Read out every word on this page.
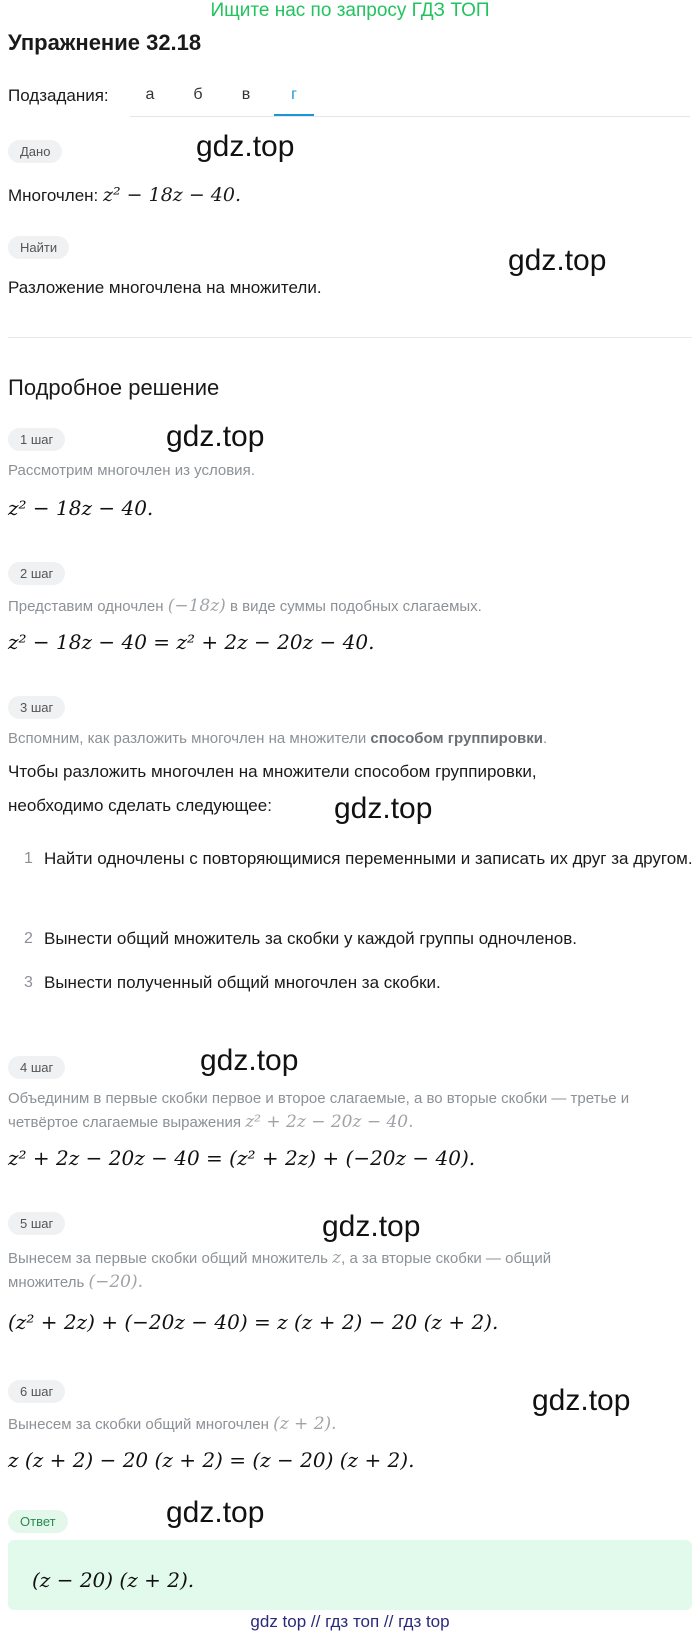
Ищите нас по запросу ГДЗ ТОП
Упражнение 32.18
Подзадания:	а	б	в	г
Дано	gdz.top
Многочлен: z² − 18z − 40.
Найти	gdz.top
Разложение многочлена на множители.
Подробное решение
1 шаг	gdz.top
Рассмотрим многочлен из условия.
z² − 18z − 40.
2 шаг
Представим одночлен (−18z) в виде суммы подобных слагаемых.
z² − 18z − 40 = z² + 2z − 20z − 40.
3 шаг
Вспомним, как разложить многочлен на множители способом группировки.
Чтобы разложить многочлен на множители способом группировки,
необходимо сделать следующее: gdz.top
1 Найти одночлены с повторяющимися переменными и записать их друг за другом.
2 Вынести общий множитель за скобки у каждой группы одночленов.
3 Вынести полученный общий многочлен за скобки.
4 шаг	gdz.top
Объединим в первые скобки первое и второе слагаемые, а во вторые скобки — третье и
четвёртое слагаемые выражения z² + 2z − 20z − 40.
z² + 2z − 20z − 40 = (z² + 2z) + (−20z − 40).
5 шаг	gdz.top
Вынесем за первые скобки общий множитель z, а за вторые скобки — общий
множитель (−20).
(z² + 2z) + (−20z − 40) = z (z + 2) − 20 (z + 2).
6 шаг	gdz.top
Вынесем за скобки общий многочлен (z + 2).
z (z + 2) − 20 (z + 2) = (z − 20) (z + 2).
Ответ	gdz.top
(z − 20) (z + 2).
gdz top // гдз топ // гдз top
